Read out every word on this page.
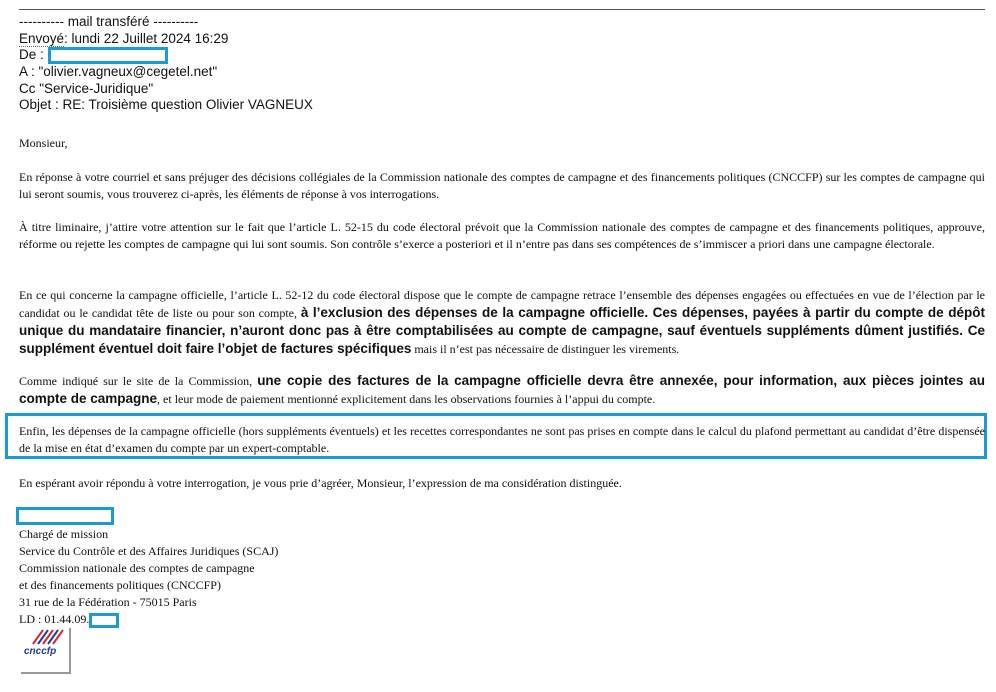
---------- mail transféré ----------
Envoyé: lundi 22 Juillet 2024 16:29
De :
A : "olivier.vagneux@cegetel.net"
Cc "Service-Juridique"
Objet : RE: Troisième question Olivier VAGNEUX
Monsieur,
En réponse à votre courriel et sans préjuger des décisions collégiales de la Commission nationale des comptes de campagne et des financements politiques (CNCCFP) sur les comptes de campagne qui lui seront soumis, vous trouverez ci-après, les éléments de réponse à vos interrogations.
À titre liminaire, j’attire votre attention sur le fait que l’article L. 52-15 du code électoral prévoit que la Commission nationale des comptes de campagne et des financements politiques, approuve, réforme ou rejette les comptes de campagne qui lui sont soumis. Son contrôle s’exerce a posteriori et il n’entre pas dans ses compétences de s’immiscer a priori dans une campagne électorale.
En ce qui concerne la campagne officielle, l’article L. 52-12 du code électoral dispose que le compte de campagne retrace l’ensemble des dépenses engagées ou effectuées en vue de l’élection par le candidat ou le candidat tête de liste ou pour son compte, à l’exclusion des dépenses de la campagne officielle. Ces dépenses, payées à partir du compte de dépôt unique du mandataire financier, n’auront donc pas à être comptabilisées au compte de campagne, sauf éventuels suppléments dûment justifiés. Ce supplément éventuel doit faire l’objet de factures spécifiques mais il n’est pas nécessaire de distinguer les virements.
Comme indiqué sur le site de la Commission, une copie des factures de la campagne officielle devra être annexée, pour information, aux pièces jointes au compte de campagne, et leur mode de paiement mentionné explicitement dans les observations fournies à l’appui du compte.
Enfin, les dépenses de la campagne officielle (hors suppléments éventuels) et les recettes correspondantes ne sont pas prises en compte dans le calcul du plafond permettant au candidat d’être dispensée de la mise en état d’examen du compte par un expert-comptable.
En espérant avoir répondu à votre interrogation, je vous prie d’agréer, Monsieur, l’expression de ma considération distinguée.
Chargé de mission
Service du Contrôle et des Affaires Juridiques (SCAJ)
Commission nationale des comptes de campagne
et des financements politiques (CNCCFP)
31 rue de la Fédération - 75015 Paris
LD : 01.44.09.
cnccfp
